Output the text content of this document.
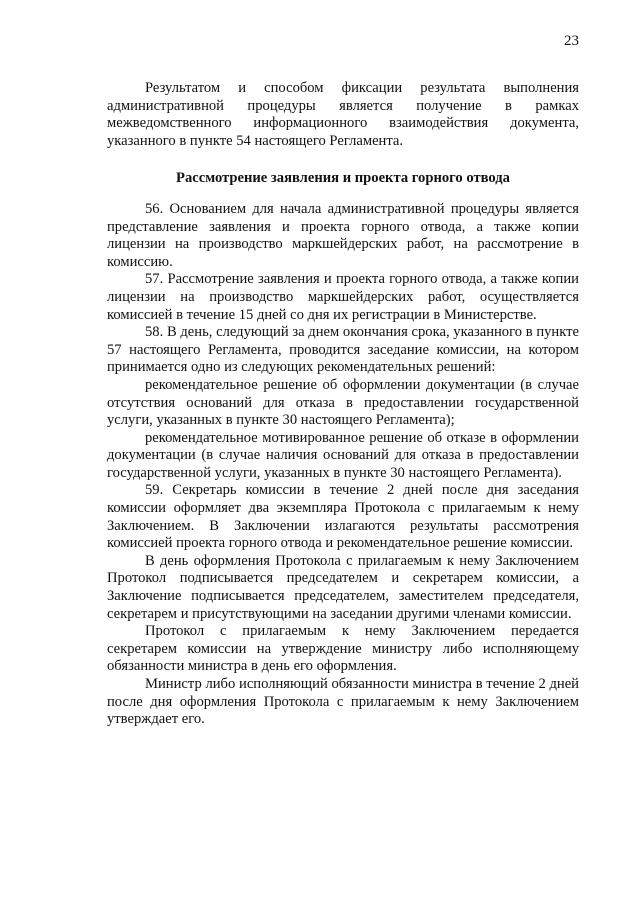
23

Результатом и способом фиксации результата выполнения административной процедуры является получение в рамках межведомственного информационного взаимодействия документа, указанного в пункте 54 настоящего Регламента.

Рассмотрение заявления и проекта горного отвода

56. Основанием для начала административной процедуры является представление заявления и проекта горного отвода, а также копии лицензии на производство маркшейдерских работ, на рассмотрение в комиссию.

57. Рассмотрение заявления и проекта горного отвода, а также копии лицензии на производство маркшейдерских работ, осуществляется комиссией в течение 15 дней со дня их регистрации в Министерстве.

58. В день, следующий за днем окончания срока, указанного в пункте 57 настоящего Регламента, проводится заседание комиссии, на котором принимается одно из следующих рекомендательных решений:

рекомендательное решение об оформлении документации (в случае отсутствия оснований для отказа в предоставлении государственной услуги, указанных в пункте 30 настоящего Регламента);

рекомендательное мотивированное решение об отказе в оформлении документации (в случае наличия оснований для отказа в предоставлении государственной услуги, указанных в пункте 30 настоящего Регламента).

59. Секретарь комиссии в течение 2 дней после дня заседания комиссии оформляет два экземпляра Протокола с прилагаемым к нему Заключением. В Заключении излагаются результаты рассмотрения комиссией проекта горного отвода и рекомендательное решение комиссии.

В день оформления Протокола с прилагаемым к нему Заключением Протокол подписывается председателем и секретарем комиссии, а Заключение подписывается председателем, заместителем председателя, секретарем и присутствующими на заседании другими членами комиссии.

Протокол с прилагаемым к нему Заключением передается секретарем комиссии на утверждение министру либо исполняющему обязанности министра в день его оформления.

Министр либо исполняющий обязанности министра в течение 2 дней после дня оформления Протокола с прилагаемым к нему Заключением утверждает его.
